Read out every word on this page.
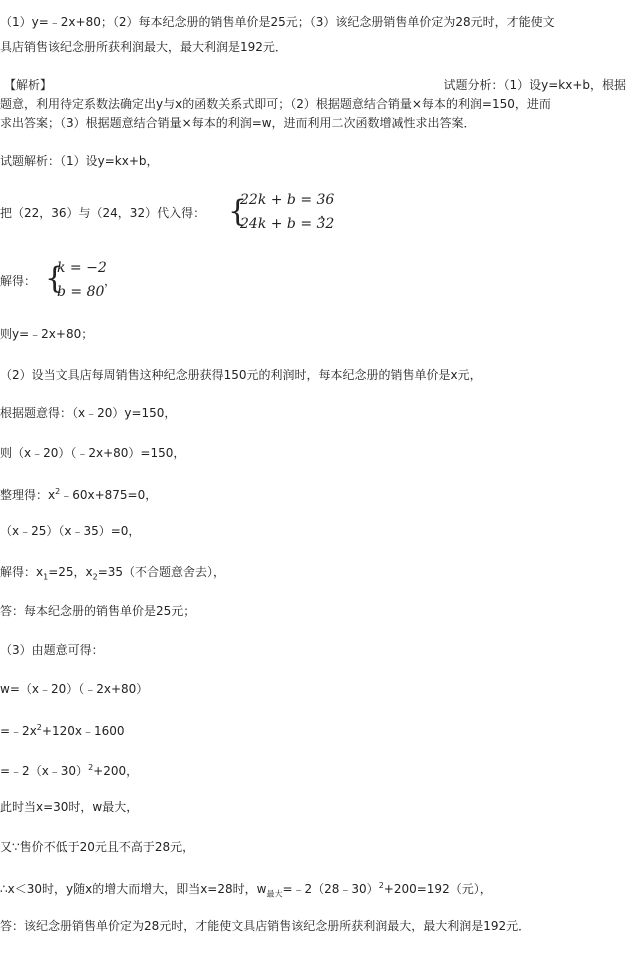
（1）y=﹣2x+80；（2）每本纪念册的销售单价是25元；（3）该纪念册销售单价定为28元时，才能使文
具店销售该纪念册所获利润最大，最大利润是192元．
【解析】	试题分析：（1）设y=kx+b，根据
题意，利用待定系数法确定出y与x的函数关系式即可；（2）根据题意结合销量×每本的利润=150，进而
求出答案；（3）根据题意结合销量×每本的利润=w，进而利用二次函数增减性求出答案．
试题解析：（1）设y=kx+b，
把（22，36）与（24，32）代入得： {
22k + b = 36
24k + b = 32
，
解得： {
k = −2
b = 80
，
则y=﹣2x+80；
（2）设当文具店每周销售这种纪念册获得150元的利润时，每本纪念册的销售单价是x元，
根据题意得：（x﹣20）y=150，
则（x﹣20）（﹣2x+80）=150，
整理得：$x^2﹣60x+875=0$，
（x﹣25）（x﹣35）=0，
解得：$x_1=25$，$x_2=35$（不合题意舍去），
答：每本纪念册的销售单价是25元；
（3）由题意可得：
w=（x﹣20）（﹣2x+80）
$=﹣2x^2+120x﹣1600$
=﹣2（x﹣30）$^2$+200，
此时当x=30时，w最大，
又∵售价不低于20元且不高于28元，
∴x＜30时，y随x的增大而增大，即当x=28时，$w_{最大}=﹣2(28﹣30)^2+200=192$（元），
答：该纪念册销售单价定为28元时，才能使文具店销售该纪念册所获利润最大，最大利润是192元．
